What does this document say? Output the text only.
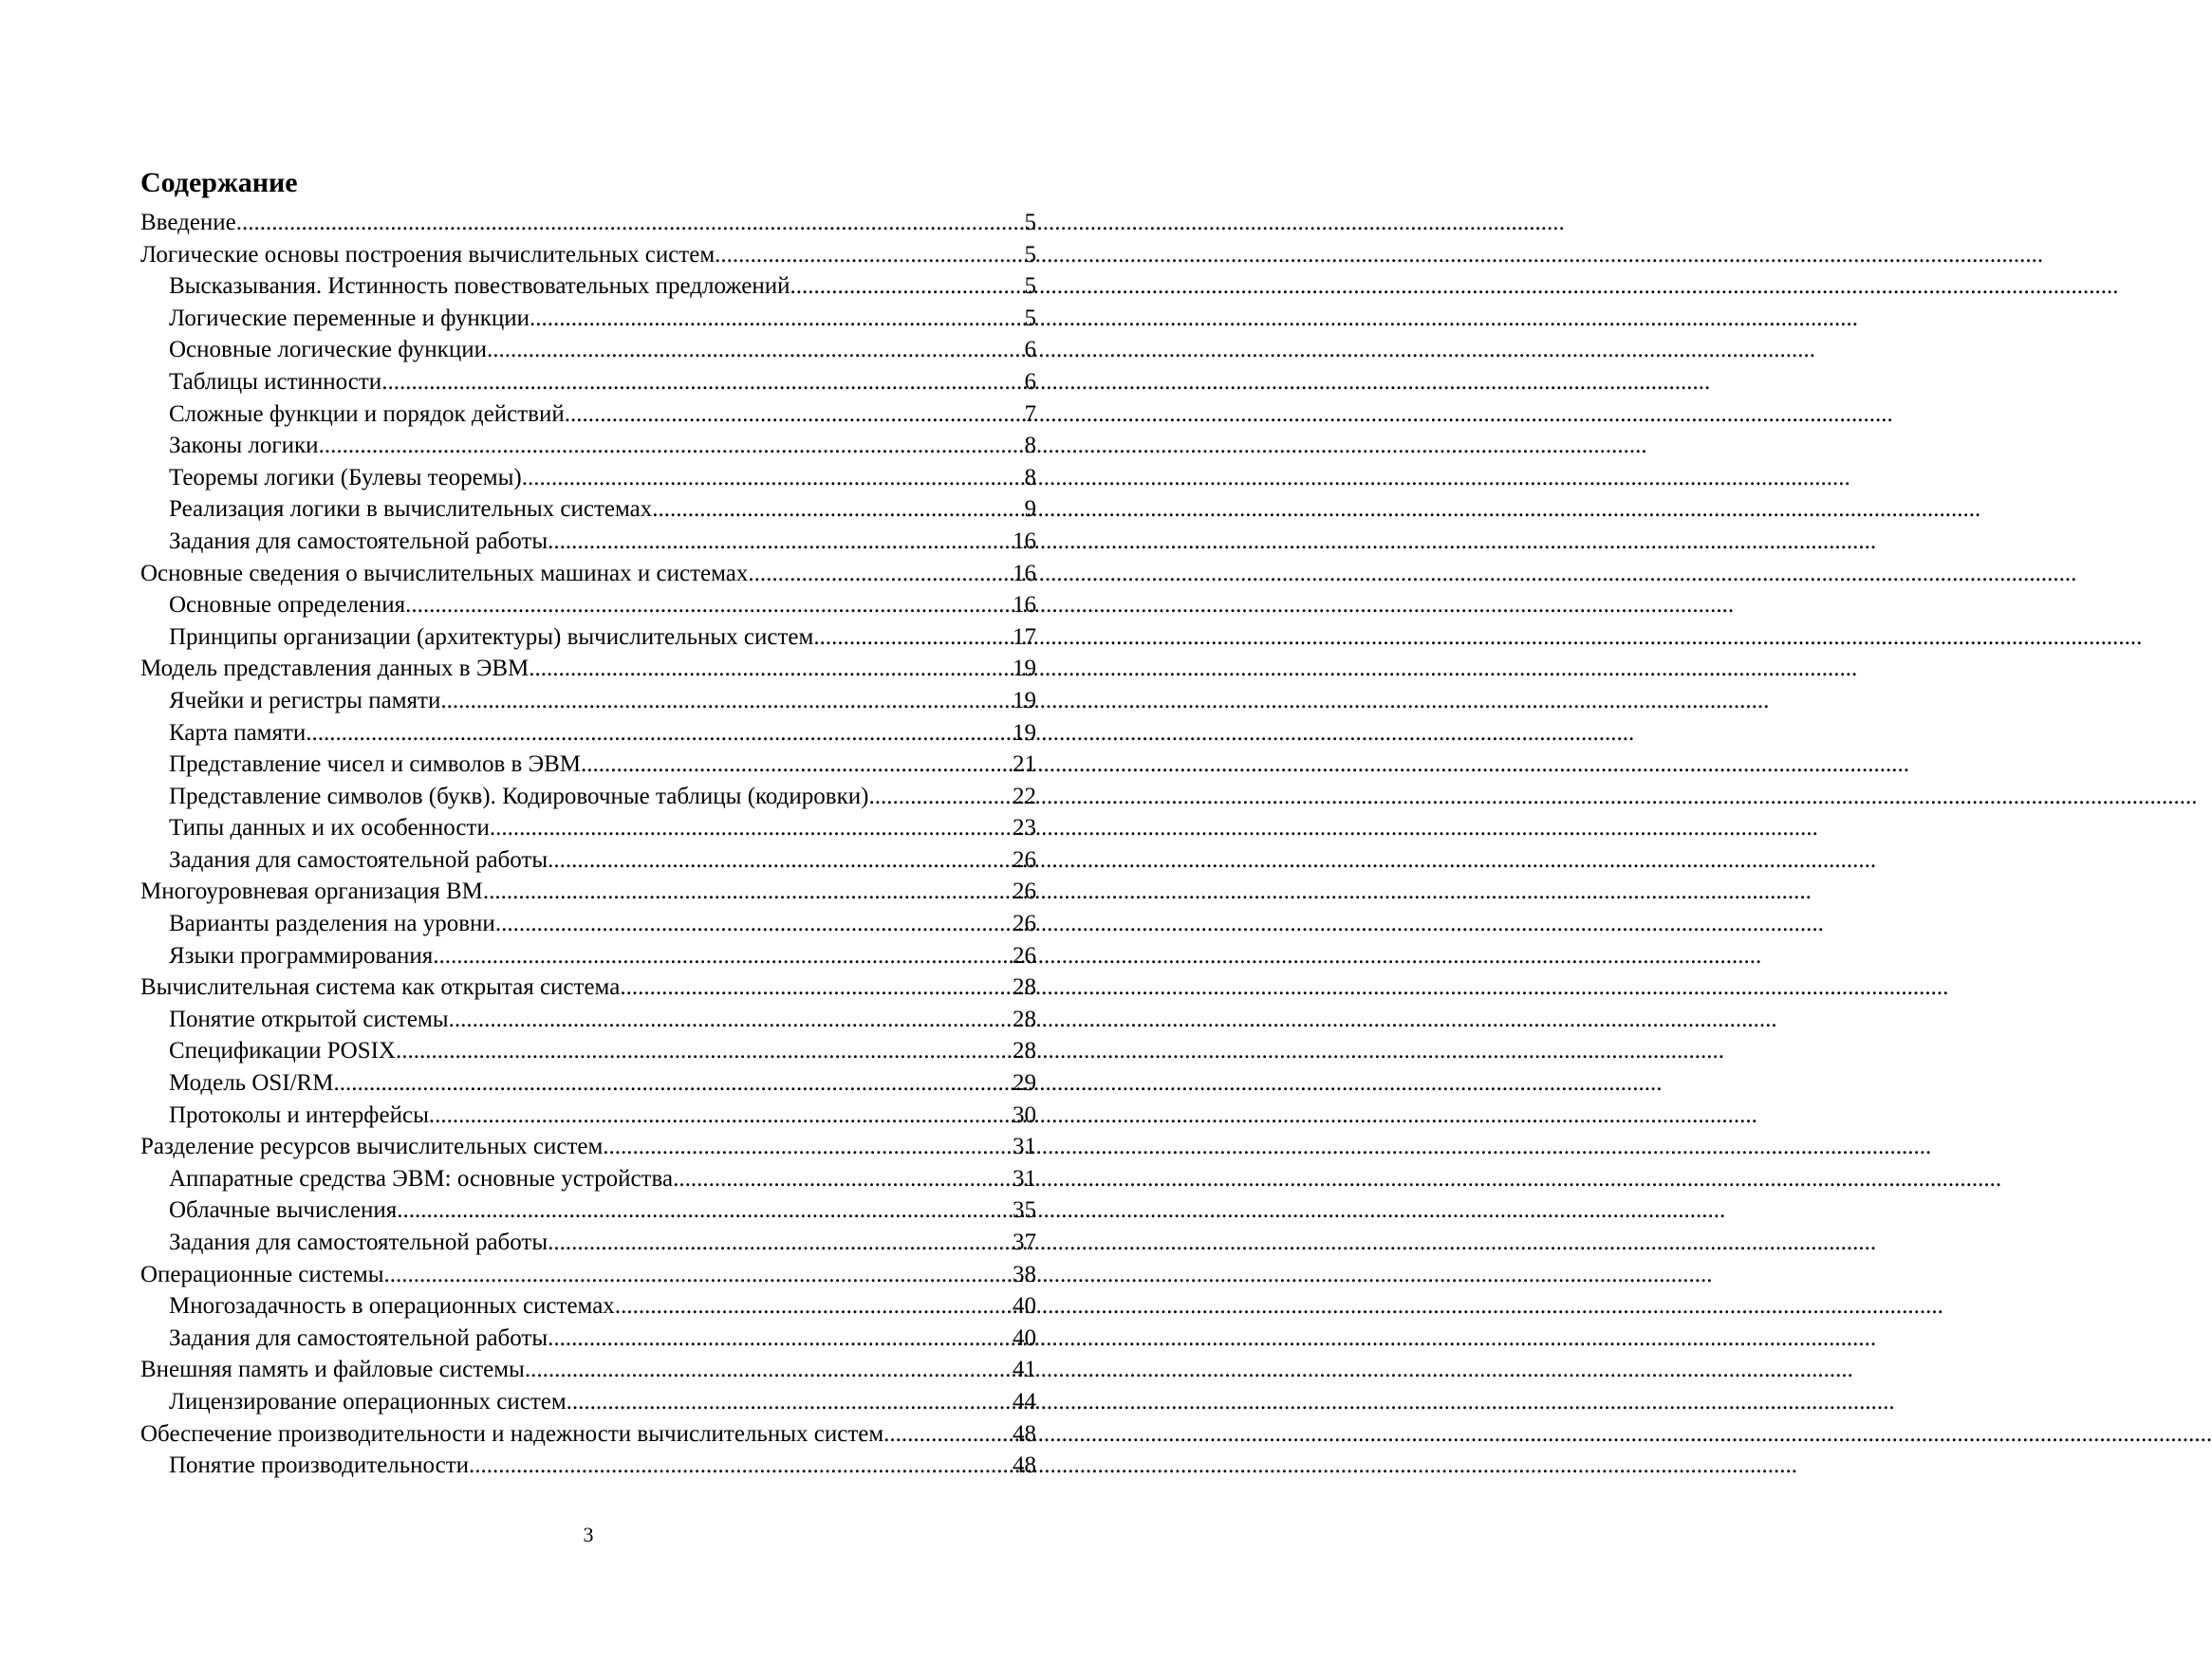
Содержание
Введение .....	5
Логические основы построения вычислительных систем .....	5
Высказывания. Истинность повествовательных предложений .....	5
Логические переменные и функции .....	5
Основные логические функции .....	6
Таблицы истинности .....	6
Сложные функции и порядок действий .....	7
Законы логики .....	8
Теоремы логики (Булевы теоремы) .....	8
Реализация логики в вычислительных системах .....	9
Задания для самостоятельной работы .....	16
Основные сведения о вычислительных машинах и системах .....	16
Основные определения .....	16
Принципы организации (архитектуры) вычислительных систем .....	17
Модель представления данных в ЭВМ .....	19
Ячейки и регистры памяти .....	19
Карта памяти .....	19
Представление чисел и символов в ЭВМ .....	21
Представление символов (букв). Кодировочные таблицы (кодировки) .....	22
Типы данных и их особенности .....	23
Задания для самостоятельной работы .....	26
Многоуровневая организация ВМ .....	26
Варианты разделения на уровни .....	26
Языки программирования .....	26
Вычислительная система как открытая система .....	28
Понятие открытой системы .....	28
Спецификации POSIX .....	28
Модель OSI/RM .....	29
Протоколы и интерфейсы .....	30
Разделение ресурсов вычислительных систем .....	31
Аппаратные средства ЭВМ: основные устройства .....	31
Облачные вычисления .....	35
Задания для самостоятельной работы .....	37
Операционные системы .....	38
Многозадачность в операционных системах .....	40
Задания для самостоятельной работы .....	40
Внешняя память и файловые системы .....	41
Лицензирование операционных систем .....	44
Обеспечение производительности и надежности вычислительных систем .....	48
Понятие производительности .....	48
3
